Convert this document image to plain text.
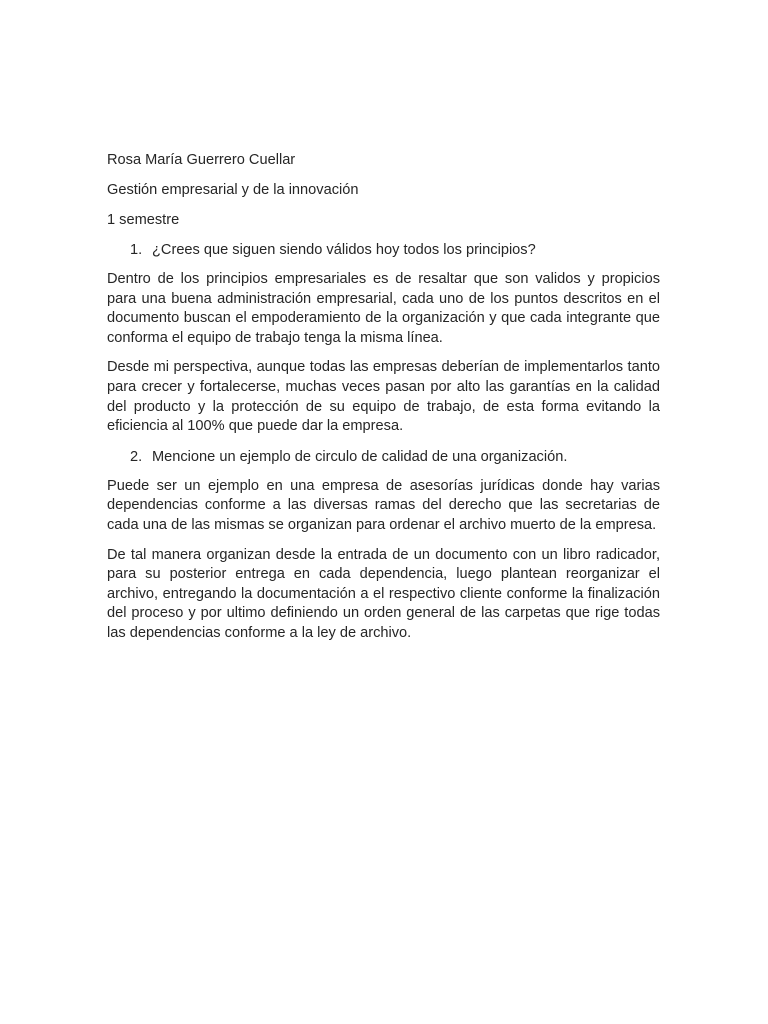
Rosa María Guerrero Cuellar

Gestión empresarial y de la innovación

1 semestre

1. ¿Crees que siguen siendo válidos hoy todos los principios?

Dentro de los principios empresariales es de resaltar que son validos y propicios para una buena administración empresarial, cada uno de los puntos descritos en el documento buscan el empoderamiento de la organización y que cada integrante que conforma el equipo de trabajo tenga la misma línea.

Desde mi perspectiva, aunque todas las empresas deberían de implementarlos tanto para crecer y fortalecerse, muchas veces pasan por alto las garantías en la calidad del producto y la protección de su equipo de trabajo, de esta forma evitando la eficiencia al 100% que puede dar la empresa.

2. Mencione un ejemplo de circulo de calidad de una organización.

Puede ser un ejemplo en una empresa de asesorías jurídicas donde hay varias dependencias conforme a las diversas ramas del derecho que las secretarias de cada una de las mismas se organizan para ordenar el archivo muerto de la empresa.

De tal manera organizan desde la entrada de un documento con un libro radicador, para su posterior entrega en cada dependencia, luego plantean reorganizar el archivo, entregando la documentación a el respectivo cliente conforme la finalización del proceso y por ultimo definiendo un orden general de las carpetas que rige todas las dependencias conforme a la ley de archivo.
